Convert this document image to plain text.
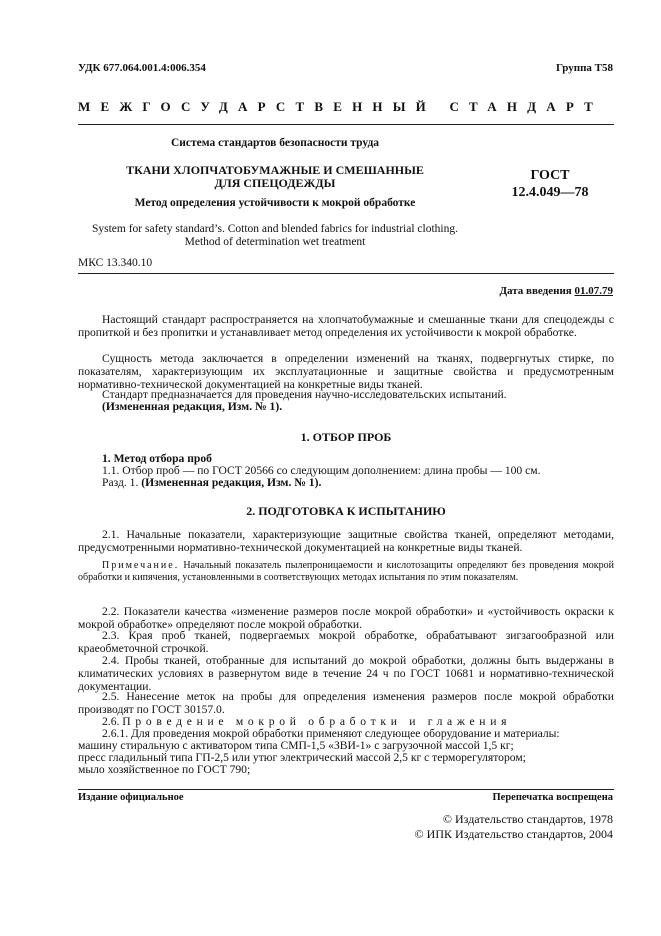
УДК 677.064.001.4:006.354	Группа Т58
МЕЖГОСУДАРСТВЕННЫЙ СТАНДАРТ
Система стандартов безопасности труда
ТКАНИ ХЛОПЧАТОБУМАЖНЫЕ И СМЕШАННЫЕ
ДЛЯ СПЕЦОДЕЖДЫ
Метод определения устойчивости к мокрой обработке
System for safety standard’s. Cotton and blended fabrics for industrial clothing.
Method of determination wet treatment
ГОСТ
12.4.049—78
МКС 13.340.10
Дата введения 01.07.79
Настоящий стандарт распространяется на хлопчатобумажные и смешанные ткани для спецодежды с пропиткой и без пропитки и устанавливает метод определения их устойчивости к мокрой обработке.
Сущность метода заключается в определении изменений на тканях, подвергнутых стирке, по показателям, характеризующим их эксплуатационные и защитные свойства и предусмотренным нормативно-технической документацией на конкретные виды тканей.
Стандарт предназначается для проведения научно-исследовательских испытаний.
(Измененная редакция, Изм. № 1).
1. ОТБОР ПРОБ
1. Метод отбора проб
1.1. Отбор проб — по ГОСТ 20566 со следующим дополнением: длина пробы — 100 см.
Разд. 1. (Измененная редакция, Изм. № 1).
2. ПОДГОТОВКА К ИСПЫТАНИЮ
2.1. Начальные показатели, характеризующие защитные свойства тканей, определяют методами, предусмотренными нормативно-технической документацией на конкретные виды тканей.
Примечание. Начальный показатель пылепроницаемости и кислотозащиты определяют без проведения мокрой обработки и кипячения, установленными в соответствующих методах испытания по этим показателям.
2.2. Показатели качества «изменение размеров после мокрой обработки» и «устойчивость окраски к мокрой обработке» определяют после мокрой обработки.
2.3. Края проб тканей, подвергаемых мокрой обработке, обрабатывают зигзагообразной или краеобметочной строчкой.
2.4. Пробы тканей, отобранные для испытаний до мокрой обработки, должны быть выдержаны в климатических условиях в развернутом виде в течение 24 ч по ГОСТ 10681 и нормативно-технической документации.
2.5. Нанесение меток на пробы для определения изменения размеров после мокрой обработки производят по ГОСТ 30157.0.
2.6. Проведение мокрой обработки и глажения
2.6.1. Для проведения мокрой обработки применяют следующее оборудование и материалы:
машину стиральную с активатором типа СМП-1,5 «ЗВИ-1» с загрузочной массой 1,5 кг;
пресс гладильный типа ГП-2,5 или утюг электрический массой 2,5 кг с терморегулятором;
мыло хозяйственное по ГОСТ 790;
Издание официальное	Перепечатка воспрещена
© Издательство стандартов, 1978
© ИПК Издательство стандартов, 2004
